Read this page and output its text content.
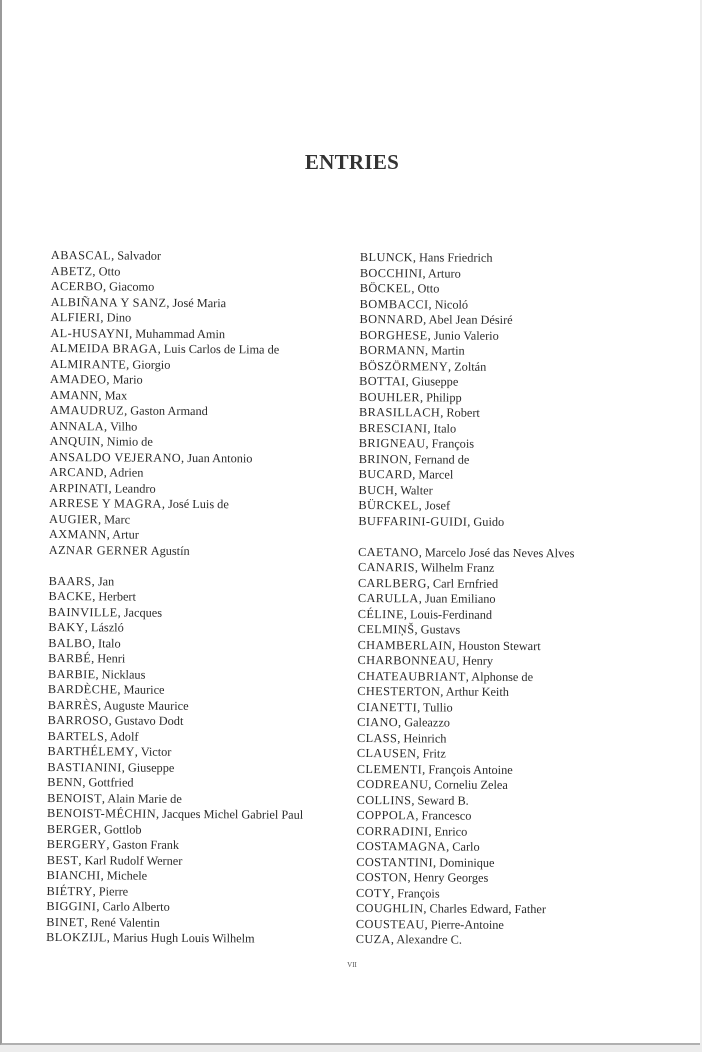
ENTRIES
ABASCAL, Salvador
ABETZ, Otto
ACERBO, Giacomo
ALBIÑANA Y SANZ, José Maria
ALFIERI, Dino
AL-HUSAYNI, Muhammad Amin
ALMEIDA BRAGA, Luis Carlos de Lima de
ALMIRANTE, Giorgio
AMADEO, Mario
AMANN, Max
AMAUDRUZ, Gaston Armand
ANNALA, Vilho
ANQUIN, Nimio de
ANSALDO VEJERANO, Juan Antonio
ARCAND, Adrien
ARPINATI, Leandro
ARRESE Y MAGRA, José Luis de
AUGIER, Marc
AXMANN, Artur
AZNAR GERNER Agustín
BAARS, Jan
BACKE, Herbert
BAINVILLE, Jacques
BAKY, László
BALBO, Italo
BARBÉ, Henri
BARBIE, Nicklaus
BARDÈCHE, Maurice
BARRÈS, Auguste Maurice
BARROSO, Gustavo Dodt
BARTELS, Adolf
BARTHÉLEMY, Victor
BASTIANINI, Giuseppe
BENN, Gottfried
BENOIST, Alain Marie de
BENOIST-MÉCHIN, Jacques Michel Gabriel Paul
BERGER, Gottlob
BERGERY, Gaston Frank
BEST, Karl Rudolf Werner
BIANCHI, Michele
BIÉTRY, Pierre
BIGGINI, Carlo Alberto
BINET, René Valentin
BLOKZIJL, Marius Hugh Louis Wilhelm
BLUNCK, Hans Friedrich
BOCCHINI, Arturo
BÖCKEL, Otto
BOMBACCI, Nicoló
BONNARD, Abel Jean Désiré
BORGHESE, Junio Valerio
BORMANN, Martin
BÖSZÖRMENY, Zoltán
BOTTAI, Giuseppe
BOUHLER, Philipp
BRASILLACH, Robert
BRESCIANI, Italo
BRIGNEAU, François
BRINON, Fernand de
BUCARD, Marcel
BUCH, Walter
BÜRCKEL, Josef
BUFFARINI-GUIDI, Guido
CAETANO, Marcelo José das Neves Alves
CANARIS, Wilhelm Franz
CARLBERG, Carl Ernfried
CARULLA, Juan Emiliano
CÉLINE, Louis-Ferdinand
CELMIŅŠ, Gustavs
CHAMBERLAIN, Houston Stewart
CHARBONNEAU, Henry
CHATEAUBRIANT, Alphonse de
CHESTERTON, Arthur Keith
CIANETTI, Tullio
CIANO, Galeazzo
CLASS, Heinrich
CLAUSEN, Fritz
CLEMENTI, François Antoine
CODREANU, Corneliu Zelea
COLLINS, Seward B.
COPPOLA, Francesco
CORRADINI, Enrico
COSTAMAGNA, Carlo
COSTANTINI, Dominique
COSTON, Henry Georges
COTY, François
COUGHLIN, Charles Edward, Father
COUSTEAU, Pierre-Antoine
CUZA, Alexandre C.
VII
